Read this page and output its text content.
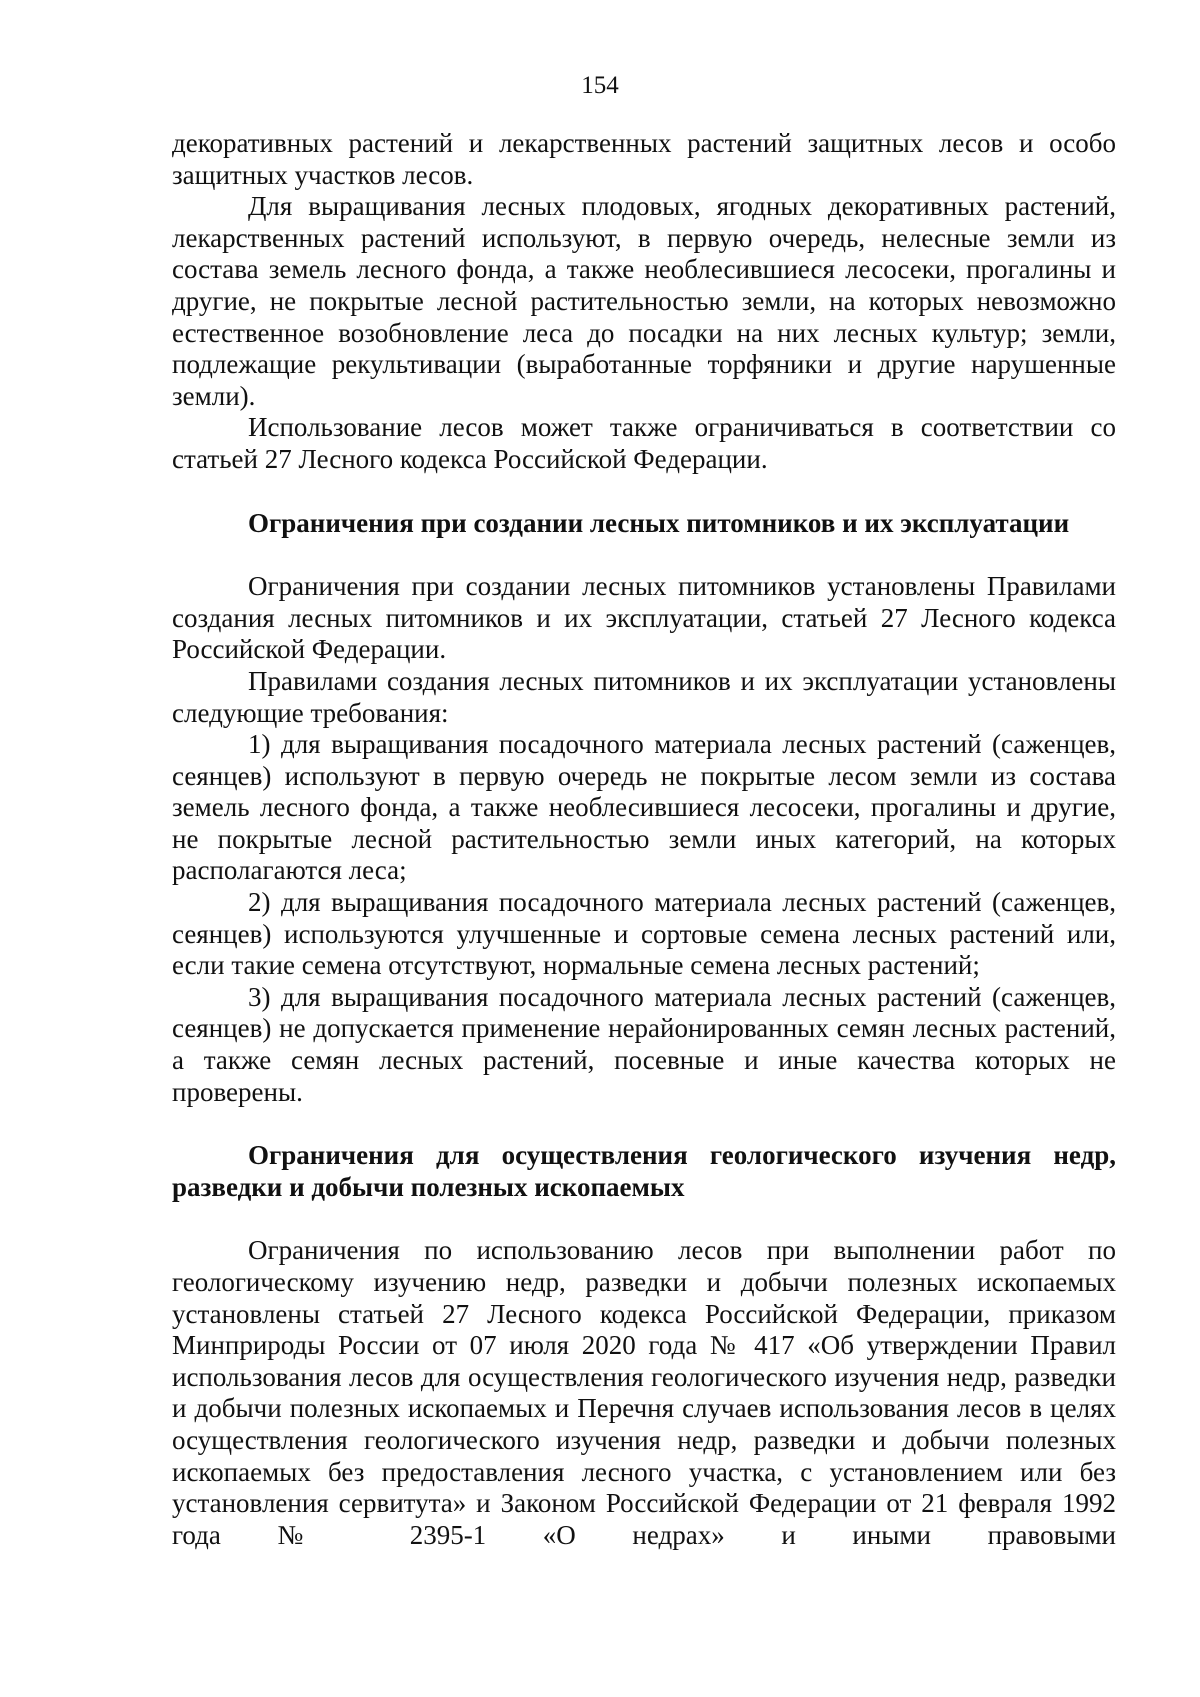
154

декоративных растений и лекарственных растений защитных лесов и особо защитных участков лесов.

Для выращивания лесных плодовых, ягодных декоративных растений, лекарственных растений используют, в первую очередь, нелесные земли из состава земель лесного фонда, а также необлесившиеся лесосеки, прогалины и другие, не покрытые лесной растительностью земли, на которых невозможно естественное возобновление леса до посадки на них лесных культур; земли, подлежащие рекультивации (выработанные торфяники и другие нарушенные земли).

Использование лесов может также ограничиваться в соответствии со статьей 27 Лесного кодекса Российской Федерации.

Ограничения при создании лесных питомников и их эксплуатации

Ограничения при создании лесных питомников установлены Правилами создания лесных питомников и их эксплуатации, статьей 27 Лесного кодекса Российской Федерации.

Правилами создания лесных питомников и их эксплуатации установлены следующие требования:

1) для выращивания посадочного материала лесных растений (саженцев, сеянцев) используют в первую очередь не покрытые лесом земли из состава земель лесного фонда, а также необлесившиеся лесосеки, прогалины и другие, не покрытые лесной растительностью земли иных категорий, на которых располагаются леса;

2) для выращивания посадочного материала лесных растений (саженцев, сеянцев) используются улучшенные и сортовые семена лесных растений или, если такие семена отсутствуют, нормальные семена лесных растений;

3) для выращивания посадочного материала лесных растений (саженцев, сеянцев) не допускается применение нерайонированных семян лесных растений, а также семян лесных растений, посевные и иные качества которых не проверены.

Ограничения для осуществления геологического изучения недр, разведки и добычи полезных ископаемых

Ограничения по использованию лесов при выполнении работ по геологическому изучению недр, разведки и добычи полезных ископаемых установлены статьей 27 Лесного кодекса Российской Федерации, приказом Минприроды России от 07 июля 2020 года № 417 «Об утверждении Правил использования лесов для осуществления геологического изучения недр, разведки и добычи полезных ископаемых и Перечня случаев использования лесов в целях осуществления геологического изучения недр, разведки и добычи полезных ископаемых без предоставления лесного участка, с установлением или без установления сервитута» и Законом Российской Федерации от 21 февраля 1992 года № 2395-1 «О недрах» и иными правовыми
